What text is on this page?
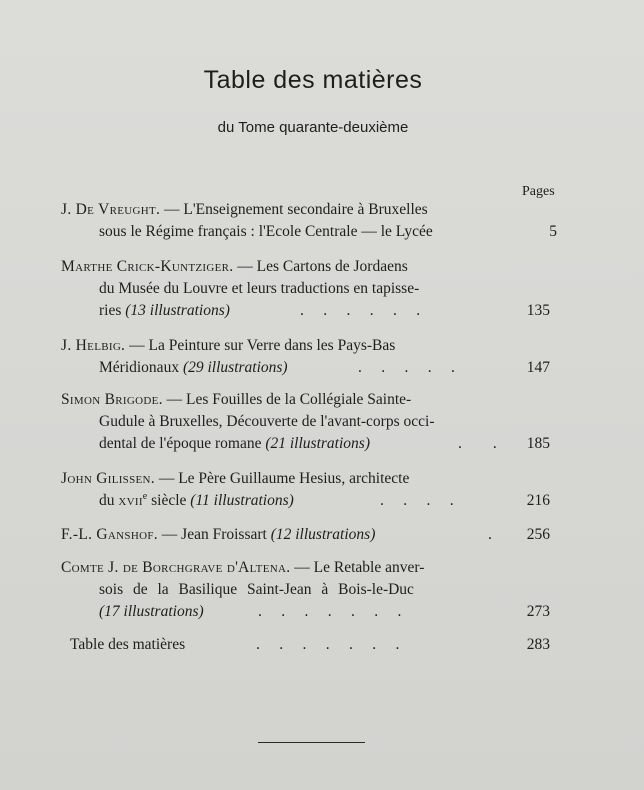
Table des matières
du Tome quarante-deuxième
Pages
J. De Vreught. — L'Enseignement secondaire à Bruxelles
sous le Régime français : l'Ecole Centrale — le Lycée	5
Marthe Crick-Kuntziger. — Les Cartons de Jordaens
du Musée du Louvre et leurs traductions en tapisse-
ries (13 illustrations)	.     .     .     .     .     .	135
J. Helbig. — La Peinture sur Verre dans les Pays-Bas
Méridionaux (29 illustrations)	.     .     .     .     .	147
Simon Brigode. — Les Fouilles de la Collégiale Sainte-
Gudule à Bruxelles, Découverte de l'avant-corps occi-
dental de l'époque romane (21 illustrations)	.        . 185
John Gilissen. — Le Père Guillaume Hesius, architecte
du xvii$^e$ siècle (11 illustrations)	.     .     .     .	216
F.-L. Ganshof. — Jean Froissart (12 illustrations)	. 256
Comte J. de Borchgrave d'Altena. — Le Retable anver-
sois de la Basilique Saint-Jean à Bois-le-Duc
(17 illustrations)	.     .     .     .     .     .     .	273
Table des matières	.     .     .     .     .     .     .	283
